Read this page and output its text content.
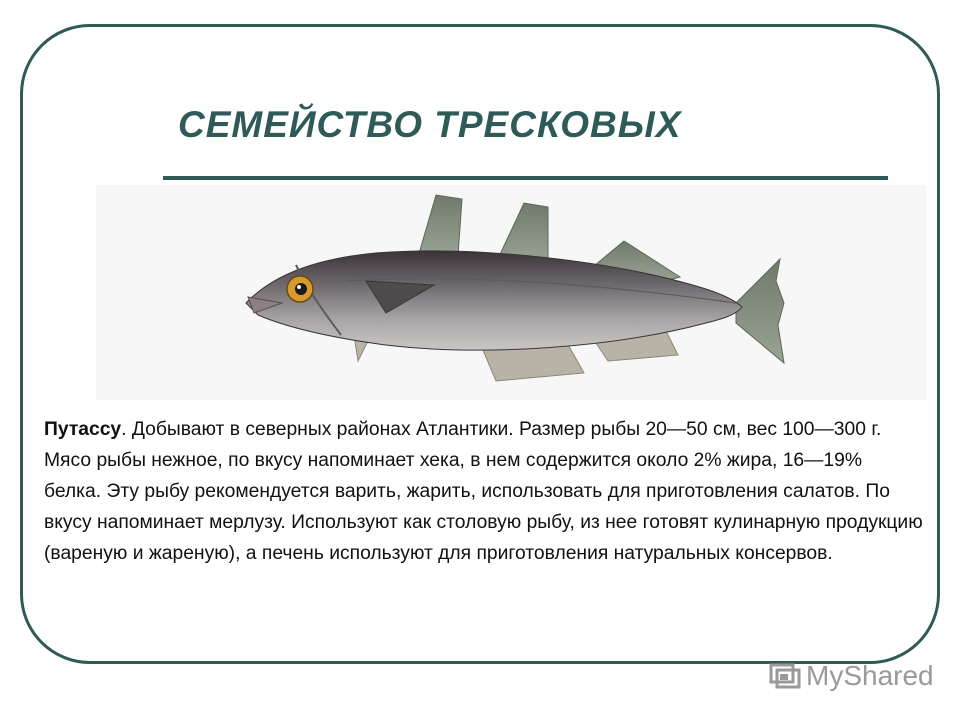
СЕМЕЙСТВО ТРЕСКОВЫХ
Путассу. Добывают в северных районах Атлантики. Размер рыбы 20—50 см, вес 100—300 г. Мясо рыбы нежное, по вкусу напоминает хека, в нем содержится около 2% жира, 16—19% белка. Эту рыбу рекомендуется варить, жарить, использовать для приготовления салатов. По вкусу напоминает мерлузу. Используют как столовую рыбу, из нее готовят кулинарную продукцию (вареную и жареную), а печень используют для приготовления натуральных консервов.
MyShared
